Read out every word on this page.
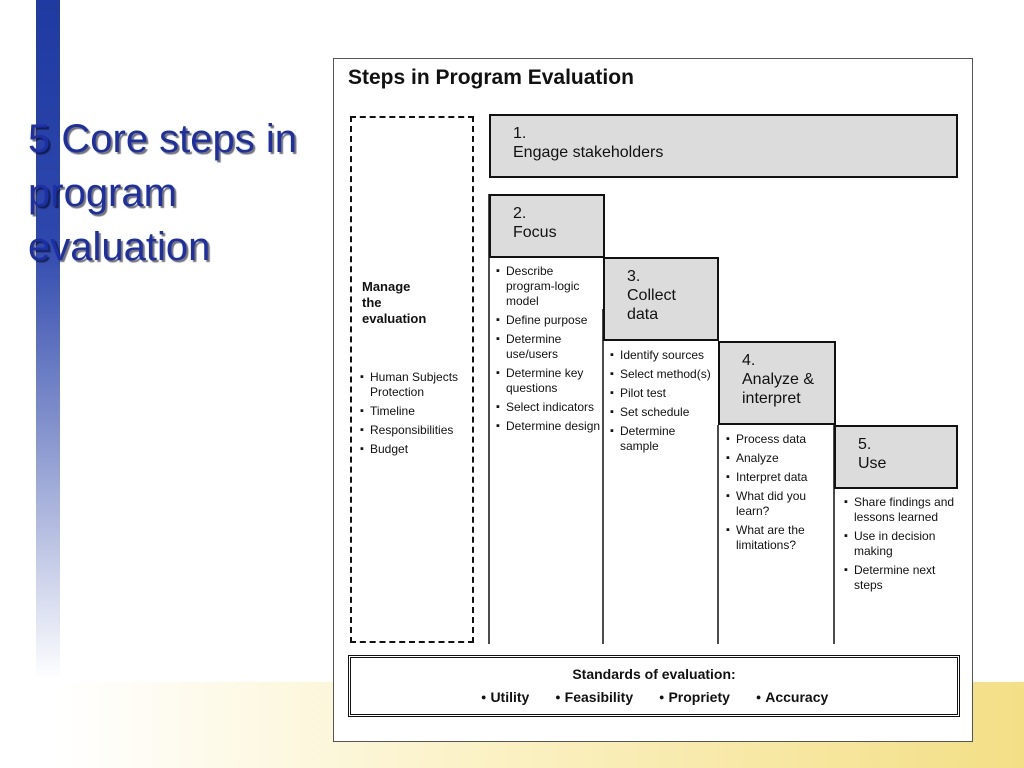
5 Core steps in program evaluation
Steps in Program Evaluation
Manage
the
evaluation
▪ Human Subjects Protection
▪ Timeline
▪ Responsibilities
▪ Budget
1.
Engage stakeholders
2.
Focus
▪ Describe program-logic model
▪ Define purpose
▪ Determine use/users
▪ Determine key questions
▪ Select indicators
▪ Determine design
3.
Collect data
▪ Identify sources
▪ Select method(s)
▪ Pilot test
▪ Set schedule
▪ Determine sample
4.
Analyze & interpret
▪ Process data
▪ Analyze
▪ Interpret data
▪ What did you learn?
▪ What are the limitations?
5.
Use
▪ Share findings and lessons learned
▪ Use in decision making
▪ Determine next steps
Standards of evaluation:
● Utility	● Feasibility	● Propriety	● Accuracy
